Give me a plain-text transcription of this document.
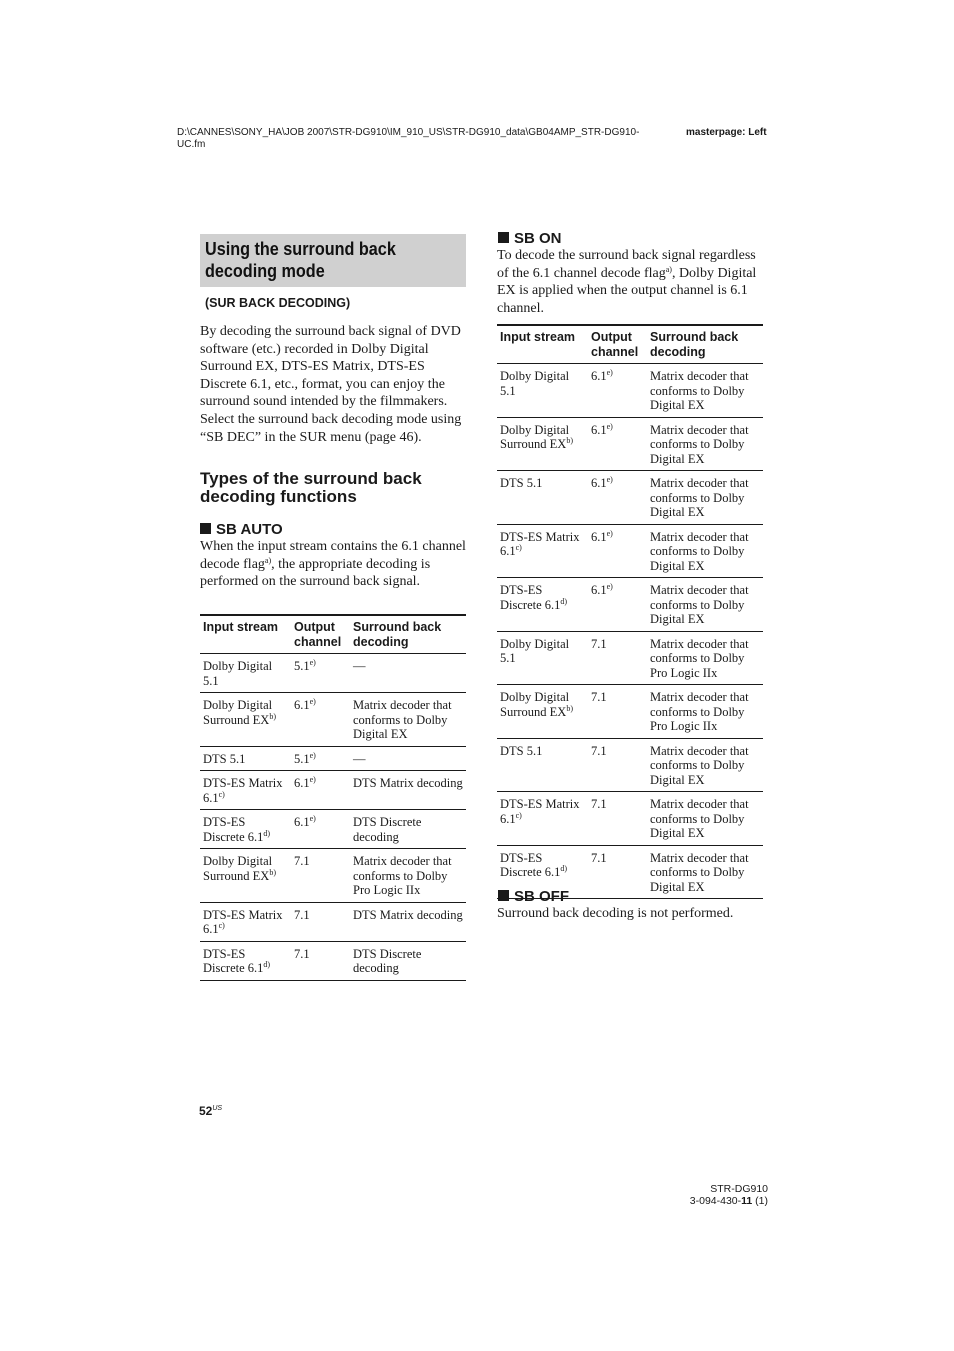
D:\CANNES\SONY_HA\JOB 2007\STR-DG910\IM_910_US\STR-DG910_data\GB04AMP_STR-DG910-UC.fm
masterpage: Left
Using the surround back decoding mode
(SUR BACK DECODING)
By decoding the surround back signal of DVD software (etc.) recorded in Dolby Digital Surround EX, DTS-ES Matrix, DTS-ES Discrete 6.1, etc., format, you can enjoy the surround sound intended by the filmmakers. Select the surround back decoding mode using “SB DEC” in the SUR menu (page 46).
Types of the surround back decoding functions
SB AUTO
When the input stream contains the 6.1 channel decode flag$^{a)}$, the appropriate decoding is performed on the surround back signal.
Input stream	Output channel	Surround back decoding
Dolby Digital 5.1	5.1$^{e)}$	—
Dolby Digital Surround EX$^{b)}$	6.1$^{e)}$	Matrix decoder that conforms to Dolby Digital EX
DTS 5.1	5.1$^{e)}$	—
DTS-ES Matrix 6.1$^{c)}$	6.1$^{e)}$	DTS Matrix decoding
DTS-ES Discrete 6.1$^{d)}$	6.1$^{e)}$	DTS Discrete decoding
Dolby Digital Surround EX$^{b)}$	7.1	Matrix decoder that conforms to Dolby Pro Logic IIx
DTS-ES Matrix 6.1$^{c)}$	7.1	DTS Matrix decoding
DTS-ES Discrete 6.1$^{d)}$	7.1	DTS Discrete decoding
SB ON
To decode the surround back signal regardless of the 6.1 channel decode flag$^{a)}$, Dolby Digital EX is applied when the output channel is 6.1 channel.
Input stream	Output channel	Surround back decoding
Dolby Digital 5.1	6.1$^{e)}$	Matrix decoder that conforms to Dolby Digital EX
Dolby Digital Surround EX$^{b)}$	6.1$^{e)}$	Matrix decoder that conforms to Dolby Digital EX
DTS 5.1	6.1$^{e)}$	Matrix decoder that conforms to Dolby Digital EX
DTS-ES Matrix 6.1$^{c)}$	6.1$^{e)}$	Matrix decoder that conforms to Dolby Digital EX
DTS-ES Discrete 6.1$^{d)}$	6.1$^{e)}$	Matrix decoder that conforms to Dolby Digital EX
Dolby Digital 5.1	7.1	Matrix decoder that conforms to Dolby Pro Logic IIx
Dolby Digital Surround EX$^{b)}$	7.1	Matrix decoder that conforms to Dolby Pro Logic IIx
DTS 5.1	7.1	Matrix decoder that conforms to Dolby Digital EX
DTS-ES Matrix 6.1$^{c)}$	7.1	Matrix decoder that conforms to Dolby Digital EX
DTS-ES Discrete 6.1$^{d)}$	7.1	Matrix decoder that conforms to Dolby Digital EX
SB OFF
Surround back decoding is not performed.
$52^{US}$
STR-DG910
3-094-430-11 (1)
